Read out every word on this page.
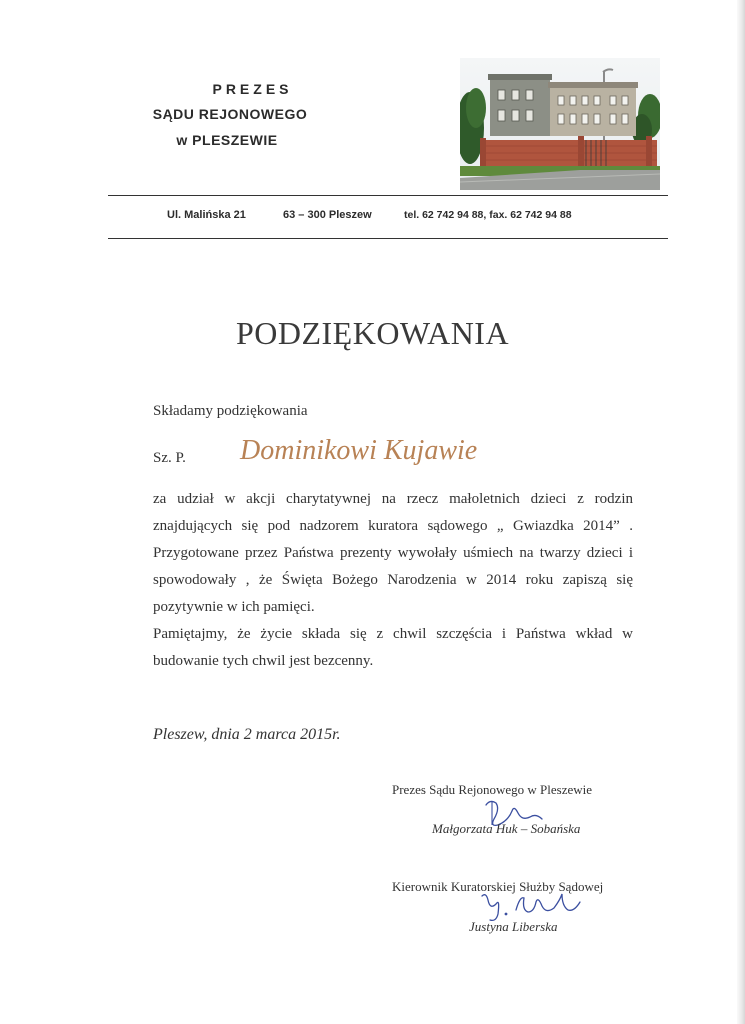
PREZES

SĄDU REJONOWEGO

w PLESZEWIE

Ul. Malińska 21	63 – 300 Pleszew	tel. 62 742 94 88, fax. 62 742 94 88

PODZIĘKOWANIA

Składamy podziękowania

Sz. P. Dominikowi Kujawie

za udział w akcji charytatywnej na rzecz małoletnich dzieci z rodzin znajdujących się pod nadzorem kuratora sądowego „ Gwiazdka 2014” . Przygotowane przez Państwa prezenty wywołały uśmiech na twarzy dzieci i spowodowały , że Święta Bożego Narodzenia w 2014 roku zapiszą się pozytywnie w ich pamięci.

Pamiętajmy, że życie składa się z chwil szczęścia i Państwa wkład w budowanie tych chwil jest bezcenny.

Pleszew, dnia 2 marca 2015r.

Prezes Sądu Rejonowego w Pleszewie

Małgorzata Huk – Sobańska

Kierownik Kuratorskiej Służby Sądowej

Justyna Liberska
